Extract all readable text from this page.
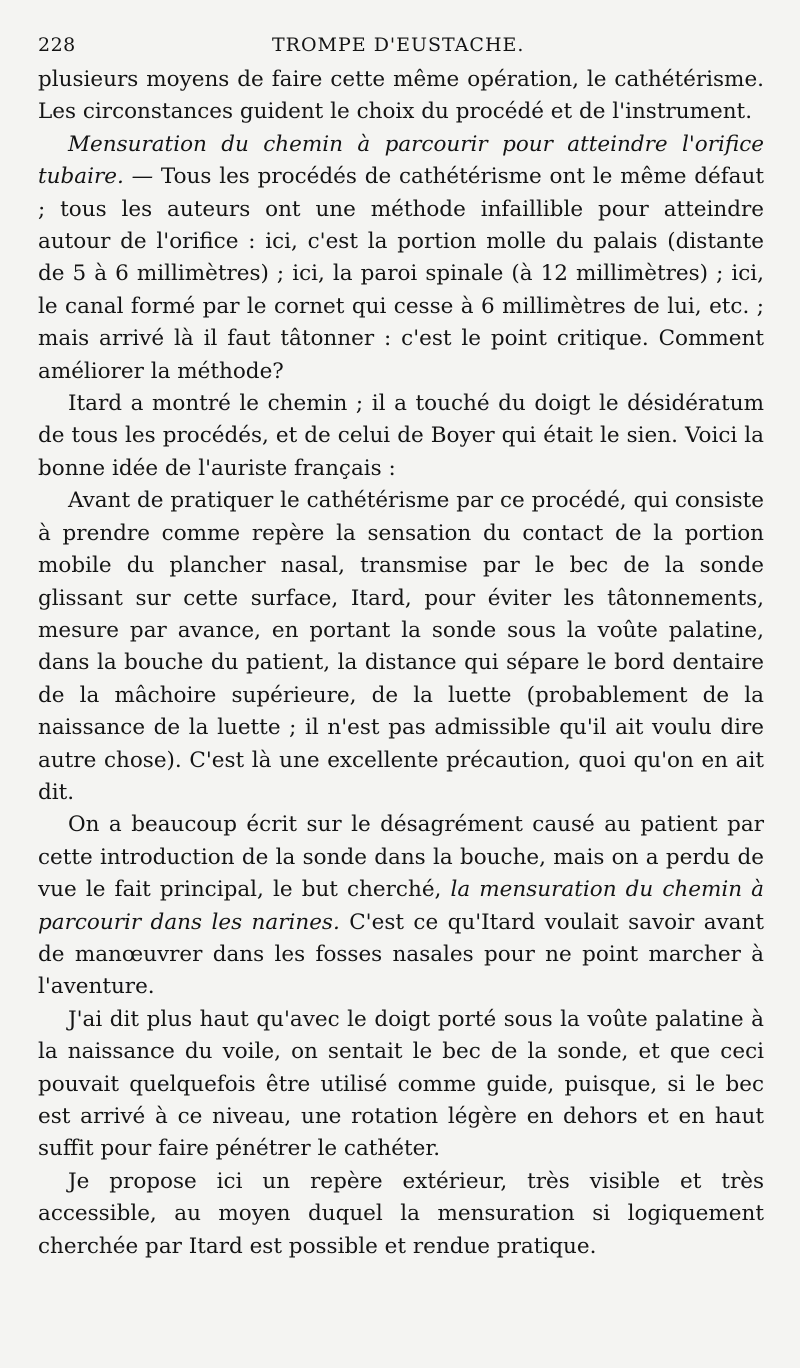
228	TROMPE D'EUSTACHE.

plusieurs moyens de faire cette même opération, le cathétérisme. Les circonstances guident le choix du procédé et de l'instrument.

Mensuration du chemin à parcourir pour atteindre l'orifice tubaire. — Tous les procédés de cathétérisme ont le même défaut ; tous les auteurs ont une méthode infaillible pour atteindre autour de l'orifice : ici, c'est la portion molle du palais (distante de 5 à 6 millimètres) ; ici, la paroi spinale (à 12 millimètres) ; ici, le canal formé par le cornet qui cesse à 6 millimètres de lui, etc. ; mais arrivé là il faut tâtonner : c'est le point critique. Comment améliorer la méthode?

Itard a montré le chemin ; il a touché du doigt le désidératum de tous les procédés, et de celui de Boyer qui était le sien. Voici la bonne idée de l'auriste français :

Avant de pratiquer le cathétérisme par ce procédé, qui consiste à prendre comme repère la sensation du contact de la portion mobile du plancher nasal, transmise par le bec de la sonde glissant sur cette surface, Itard, pour éviter les tâtonnements, mesure par avance, en portant la sonde sous la voûte palatine, dans la bouche du patient, la distance qui sépare le bord dentaire de la mâchoire supérieure, de la luette (probablement de la naissance de la luette ; il n'est pas admissible qu'il ait voulu dire autre chose). C'est là une excellente précaution, quoi qu'on en ait dit.

On a beaucoup écrit sur le désagrément causé au patient par cette introduction de la sonde dans la bouche, mais on a perdu de vue le fait principal, le but cherché, la mensuration du chemin à parcourir dans les narines. C'est ce qu'Itard voulait savoir avant de manœuvrer dans les fosses nasales pour ne point marcher à l'aventure.

J'ai dit plus haut qu'avec le doigt porté sous la voûte palatine à la naissance du voile, on sentait le bec de la sonde, et que ceci pouvait quelquefois être utilisé comme guide, puisque, si le bec est arrivé à ce niveau, une rotation légère en dehors et en haut suffit pour faire pénétrer le cathéter.

Je propose ici un repère extérieur, très visible et très accessible, au moyen duquel la mensuration si logiquement cherchée par Itard est possible et rendue pratique.
